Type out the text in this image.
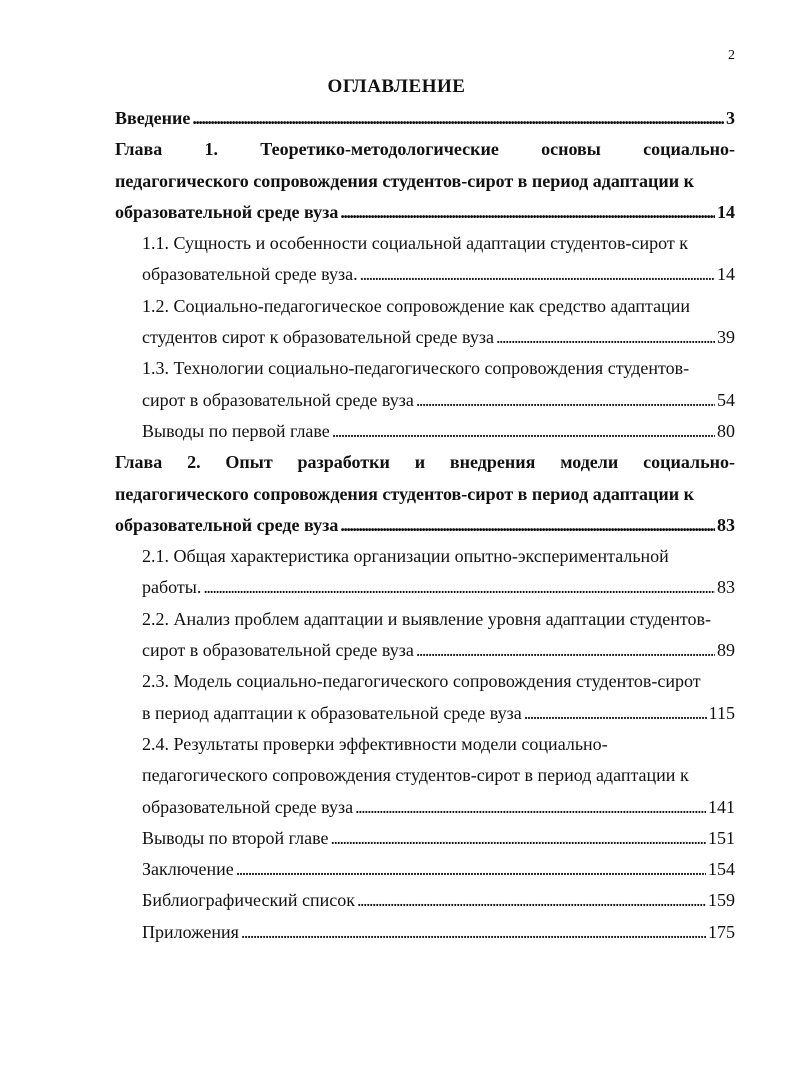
2
ОГЛАВЛЕНИЕ
Введение . . .	3
Глава 1. Теоретико-методологические основы социально-
педагогического сопровождения студентов-сирот в период адаптации к
образовательной среде вуза . . .	14
1.1. Сущность и особенности социальной адаптации студентов-сирот к
образовательной среде вуза. . . .	14
1.2. Социально-педагогическое сопровождение как средство адаптации
студентов сирот к образовательной среде вуза . . .	39
1.3. Технологии социально-педагогического сопровождения студентов-
сирот в образовательной среде вуза . . .	54
Выводы по первой главе . . .	80
Глава 2. Опыт разработки и внедрения модели социально-
педагогического сопровождения студентов-сирот в период адаптации к
образовательной среде вуза . . .	83
2.1. Общая характеристика организации опытно-экспериментальной
работы. . . .	83
2.2. Анализ проблем адаптации и выявление уровня адаптации студентов-
сирот в образовательной среде вуза . . .	89
2.3. Модель социально-педагогического сопровождения студентов-сирот
в период адаптации к образовательной среде вуза . . .	115
2.4. Результаты проверки эффективности модели социально-
педагогического сопровождения студентов-сирот в период адаптации к
образовательной среде вуза . . .	141
Выводы по второй главе . . .	151
Заключение . . .	154
Библиографический список . . .	159
Приложения . . .	175
